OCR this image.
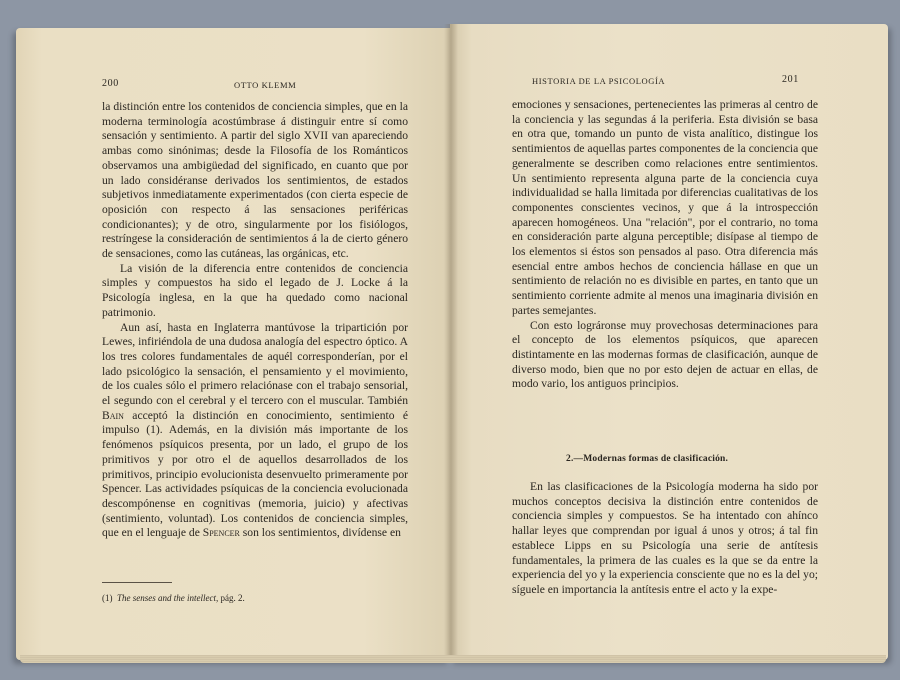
200	OTTO KLEMM

la distinción entre los contenidos de conciencia simples, que en la moderna terminología acostúmbrase á distinguir entre sí como sensación y sentimiento. A partir del siglo XVII van apareciendo ambas como sinónimas; desde la Filosofía de los Románticos observamos una ambigüedad del significado, en cuanto que por un lado considéranse derivados los sentimientos, de estados subjetivos inmediatamente experimentados (con cierta especie de oposición con respecto á las sensaciones periféricas condicionantes); y de otro, singularmente por los fisiólogos, restríngese la consideración de sentimientos á la de cierto género de sensaciones, como las cutáneas, las orgánicas, etc.

La visión de la diferencia entre contenidos de conciencia simples y compuestos ha sido el legado de J. Locke á la Psicología inglesa, en la que ha quedado como nacional patrimonio.

Aun así, hasta en Inglaterra mantúvose la tripartición por Lewes, infiriéndola de una dudosa analogía del espectro óptico. A los tres colores fundamentales de aquél corresponderían, por el lado psicológico la sensación, el pensamiento y el movimiento, de los cuales sólo el primero relaciónase con el trabajo sensorial, el segundo con el cerebral y el tercero con el muscular. También Bain acceptó la distinción en conocimiento, sentimiento é impulso (1). Además, en la división más importante de los fenómenos psíquicos presenta, por un lado, el grupo de los primitivos y por otro el de aquellos desarrollados de los primitivos, principio evolucionista desenvuelto primeramente por Spencer. Las actividades psíquicas de la conciencia evolucionada descompónense en cognitivas (memoria, juicio) y afectivas (sentimiento, voluntad). Los contenidos de conciencia simples, que en el lenguaje de Spencer son los sentimientos, divídense en

(1) The senses and the intellect, pág. 2.
HISTORIA DE LA PSICOLOGÍA	201

emociones y sensaciones, pertenecientes las primeras al centro de la conciencia y las segundas á la periferia. Esta división se basa en otra que, tomando un punto de vista analítico, distingue los sentimientos de aquellas partes componentes de la conciencia que generalmente se describen como relaciones entre sentimientos. Un sentimiento representa alguna parte de la conciencia cuya individualidad se halla limitada por diferencias cualitativas de los componentes conscientes vecinos, y que á la introspección aparecen homogéneos. Una "relación", por el contrario, no toma en consideración parte alguna perceptible; disípase al tiempo de los elementos si éstos son pensados al paso. Otra diferencia más esencial entre ambos hechos de conciencia hállase en que un sentimiento de relación no es divisible en partes, en tanto que un sentimiento corriente admite al menos una imaginaria división en partes semejantes.

Con esto lográronse muy provechosas determinaciones para el concepto de los elementos psíquicos, que aparecen distintamente en las modernas formas de clasificación, aunque de diverso modo, bien que no por esto dejen de actuar en ellas, de modo vario, los antiguos principios.

2.—Modernas formas de clasificación.

En las clasificaciones de la Psicología moderna ha sido por muchos conceptos decisiva la distinción entre contenidos de conciencia simples y compuestos. Se ha intentado con ahínco hallar leyes que comprendan por igual á unos y otros; á tal fin establece Lipps en su Psicología una serie de antítesis fundamentales, la primera de las cuales es la que se da entre la experiencia del yo y la experiencia consciente que no es la del yo; síguele en importancia la antítesis entre el acto y la expe-
